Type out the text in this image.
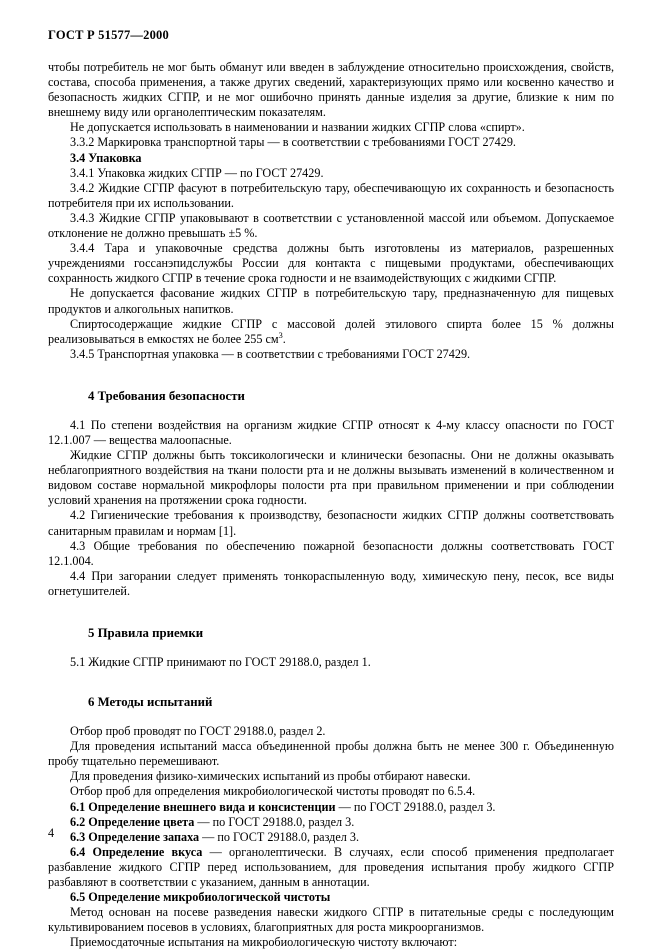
ГОСТ Р 51577—2000

чтобы потребитель не мог быть обманут или введен в заблуждение относительно происхождения, свойств, состава, способа применения, а также других сведений, характеризующих прямо или косвенно качество и безопасность жидких СГПР, и не мог ошибочно принять данные изделия за другие, близкие к ним по внешнему виду или органолептическим показателям.

Не допускается использовать в наименовании и названии жидких СГПР слова «спирт».

3.3.2 Маркировка транспортной тары — в соответствии с требованиями ГОСТ 27429.

3.4 Упаковка

3.4.1 Упаковка жидких СГПР — по ГОСТ 27429.

3.4.2 Жидкие СГПР фасуют в потребительскую тару, обеспечивающую их сохранность и безопасность потребителя при их использовании.

3.4.3 Жидкие СГПР упаковывают в соответствии с установленной массой или объемом. Допускаемое отклонение не должно превышать ±5 %.

3.4.4 Тара и упаковочные средства должны быть изготовлены из материалов, разрешенных учреждениями госсанэпидслужбы России для контакта с пищевыми продуктами, обеспечивающих сохранность жидкого СГПР в течение срока годности и не взаимодействующих с жидкими СГПР.

Не допускается фасование жидких СГПР в потребительскую тару, предназначенную для пищевых продуктов и алкогольных напитков.

Спиртосодержащие жидкие СГПР с массовой долей этилового спирта более 15 % должны реализовываться в емкостях не более 255 $см^3$.

3.4.5 Транспортная упаковка — в соответствии с требованиями ГОСТ 27429.

4 Требования безопасности

4.1 По степени воздействия на организм жидкие СГПР относят к 4-му классу опасности по ГОСТ 12.1.007 — вещества малоопасные.

Жидкие СГПР должны быть токсикологически и клинически безопасны. Они не должны оказывать неблагоприятного воздействия на ткани полости рта и не должны вызывать изменений в количественном и видовом составе нормальной микрофлоры полости рта при правильном применении и при соблюдении условий хранения на протяжении срока годности.

4.2 Гигиенические требования к производству, безопасности жидких СГПР должны соответствовать санитарным правилам и нормам [1].

4.3 Общие требования по обеспечению пожарной безопасности должны соответствовать ГОСТ 12.1.004.

4.4 При загорании следует применять тонкораспыленную воду, химическую пену, песок, все виды огнетушителей.

5 Правила приемки

5.1 Жидкие СГПР принимают по ГОСТ 29188.0, раздел 1.

6 Методы испытаний

Отбор проб проводят по ГОСТ 29188.0, раздел 2.

Для проведения испытаний масса объединенной пробы должна быть не менее 300 г. Объединенную пробу тщательно перемешивают.

Для проведения физико-химических испытаний из пробы отбирают навески.

Отбор проб для определения микробиологической чистоты проводят по 6.5.4.

6.1 Определение внешнего вида и консистенции — по ГОСТ 29188.0, раздел 3.

6.2 Определение цвета — по ГОСТ 29188.0, раздел 3.

6.3 Определение запаха — по ГОСТ 29188.0, раздел 3.

6.4 Определение вкуса — органолептически. В случаях, если способ применения предполагает разбавление жидкого СГПР перед использованием, для проведения испытания пробу жидкого СГПР разбавляют в соответствии с указанием, данным в аннотации.

6.5 Определение микробиологической чистоты

Метод основан на посеве разведения навески жидкого СГПР в питательные среды с последующим культивированием посевов в условиях, благоприятных для роста микроорганизмов.

Приемосдаточные испытания на микробиологическую чистоту включают:

4
